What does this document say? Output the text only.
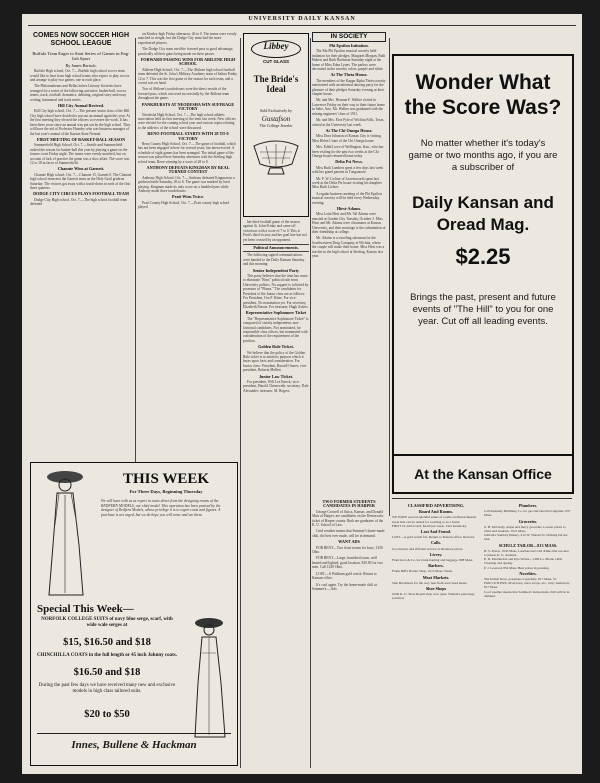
UNIVERSITY DAILY KANSAN
COMES NOW SOCCER HIGH SCHOOL LEAGUE
Buffalo Tram Eager to Start Series of Games in Eng-lish Sport
By James Bartsch.

Buffalo High school, Oct. 7.—Buffalo high school soccer team would like to hear from high school teams who expect to play soccer, and arrange to play two games, one at each place.

The Philomatheans and Bellas lettres Literary Societies have arranged for a series of the following activities: basket-ball, soccer, tennis, track, football, dramatics, debating, original story and essay writing, intramural and track meets.

Hill City Annual Revived.

Hill City high school, Oct. 7.—The present senior class of the Hill City high school have decided to put out an annual again this year. At the first meeting they elected the officers to oversee the work. It has been three years since an annual was put out by the high school. They will have the aid of Professor Hoardry who was business manager of the last year's annual of the Kansas State Normal.

FIRST MEETING OF BASKET-BALL SEASON

Summerfield High School, Oct. 7.—Seattle and Summerfield rushed the season for basket-ball this year by playing a game on the former court Friday night. The teams were evenly matched, but on account of lack of practice the game was a slow affair. The score was 12 to 18 in favor of Summerfield.

Chanute Wins at Garnett.

Chanute High school, Oct. 7.—Chanute 15, Garnett 0. The Chanute high school team met the Garnett team on the Holy Grail gridiron Saturday. The visitors got away with a touch-down in each of the first three quarters.

DODGE CITY CIRCUS PLAYS FOOTBALL TEAM

Dodge City High school, Oct. 7.—The high school football team defeated

on Kinsley high Friday afternoon, 26 to 0. The teams were evenly matched in weight, but the Dodge City team had the more experienced players.

The Dodge City team used the forward pass to good advantage, practically all their gains being made on these passes.

FORWARD PASSING WINS FOR ABILENE HIGH SCHOOL

Abilene High School, Oct. 7.—The Abilene high school football team defeated the St. John's Military Academy team of Salina Friday, 12 to 7. This was the first game of the season for each team, and a crowd was on hand.

Two of Abilene's touchdowns were the direct results of the forward pass, which was used successfully by the Abilene team throughout the game.

PANKHURSTS AT NEODESHA WIN SUFFRAGE VICTORY

Neodesha High School, Oct. 7.—The high school athletic association held its first meeting of the term last week. New officers were elected for the coming school year and various topics relating to the athletics of the school were discussed.

RENO FOOTBALL STARTS WITH 28 TO 0 VICTORY

Reno County High School, Oct. 7.—The game of football, which has not been engaged in here for several years, has been revived. A schedule of eight games has been arranged. The initial game of the season was played here Saturday afternoon with the Sterling high school team, Reno winning by a score of 28 to 0.

ANTHONY DEFEATS KINGMAN BY REAL TURNED CONTEST

Anthony High School, Oct. 7.—Anthony defeated Kingman in a gridiron battle Saturday, 26 to 6. The game was marked by hard playing. Kingman made its only score on a fumbled pass while Anthony made three touchdowns.

Pratt Wins Twice.

Pratt County High School, Oct. 7.—Pratt county high school played

Libbey
CUT GLASS
The Bride's Ideal
Sold Exclusively by
Gustafson
The College Jeweler

her third football game of the season against St. John Friday and came off victorious with a score of 7 to 0. This is Pratt's third victory and her goal line has not yet been crossed by an opponent.

Political Announcements.

The following signed communications were handed to the Daily Kansan Saturday and this morning:

Senior Independent Party

This party believes that the time has come to eliminate "Boss" political rule from University politics. No support is solicited by promises of "Plums." The candidates for President of the Junior class are as follows: For President, Ora F. Kline. For vice-president, No nomination yet. For secretary, Elizabeth Finson. For treasurer, Hugh Askew.

Representative Sophomore Ticket

The "Representative Sophomore Ticket" is composed of strictly independent, non-factional candidates. Not nominated, for responsible class offices, but nominated with consideration of the requirement of the position.

Golden Rule Ticket.

We believe that the policy of the Golden Rule ticket is to attain its purpose which it bases upon facts and consideration. For Junior class: President, Russell Osmer; vice-president, Roberta Mellett.

Junior Law Ticket.

For president, Will Lee Emick; vice-president, Harold Chenoweth; secretary, Dale Alexander; treasurer, M. Rogers.

IN SOCIETY
Phi Epsilon Initiation.

The Mu Phi Epsilon musical sorority held initiation for their pledges, Margaret Morgan, Ruth Hubert and Ruth Bachman Saturday night at the home of Miss Edna Lyons. The parlors were decorated in the sorority colors, purple and white.

At The Theta House.

The members of the Kappa Alpha Theta sorority entertained with an informal dancing party for the pleasure of their pledges Saturday evening at their chapter house.

Mr. and Mrs. Herman F. Walker visited in Lawrence Friday on their way to their future home in Sabo, Ariz. Mr. Walker was graduated with the mining engineers' class of 1911.

Mr. and Mrs. Elva Pyle of Wichita Falls, Texas, visited at the University last week.

At The Chi Omega House.

Miss Dora Johnson of Kansas City is visiting Miss Helen Crane of the Chi Omega house.

Mrs. Edith Lowe of Wellington, Kan., who has been visiting for the past two weeks at the Chi Omega house returned home today.

Delta Psi News.

Miss Ruth Lambert spent a few days last week with her grand parents in Tonganoxie.

Mr. F. W. Lichter of Leavenworth spent last week at the Delta Psi house visiting his daughter Miss Ruth Lichter.

A regular business meeting of the Phi Epsilon musical sorority will be held every Wednesday evening.

Hirst-Adams.

Miss Lotta Hirst and Mr. Val Adams were married at Garden City Tuesday, October 3. Miss Hirst and Mr. Adams were classmates at Kansas University, and their marriage is the culmination of their friendship at college.

Mr. Adams is a traveling salesman for the Southwestern Drug Company at Wichita, where the couple will make their home. Miss Hirst was a teacher in the high school at Sterling, Kansas last year.

Wonder What the Score Was?
No matter whether it's today's game or two months ago, if you are a subscriber of
Daily Kansan and Oread Mag.
$2.25
Brings the past, present and future events of "The Hill" to you for one year. Cut off all leading events.
At the Kansan Office
THIS WEEK
For Three Days, Beginning Thursday
We will have with us as expert in coats direct from the designing rooms of the REDFERN MODELS, our chief model. This operation has been praised by the designer of Redfern Models, whose privilege it is to regret coats and figures. A purchase is not urged, but we do hope you will come and see them.
Special This Week—
NORFOLK COLLEGE SUITS of navy blue serge, scarf, with wide wale serges at
$15, $16.50 and $18
CHINCHILLA COATS in the full length or 45 inch Johnny coats.
$16.50 and $18
During the past few days we have received many new and exclusive models in high class tailored suits.
$20 to $50
Innes, Bullene & Hackman
TWO FORMER STUDENTS CANDIDATES IN HARPER

George Crowell of Attica, Kansas, and Donald Muir of Harper, are candidates on the Democratic ticket of Harper county. Both are graduates of the K. U. School of Law.

Card weather means that Sommer's home-made chili, the best ever made, will be in demand.

WANT ADS

FOR RENT—Two front rooms for boys, 1330 Ohio.

FOR RENT—Large, furnished room, well heated and lighted, good location. $10.00 for two men. Call 1249 Ohio.

LOST—A Waltham gold watch. Return to Kansan office.

It's cool again. Try the home-made chili at Sommer's.—Adv.

CLASSIFIED ADVERTISING.
Board And Rooms.
WE HAVE several splendid suites of rooms on Massachusetts street that can be rented for rooming or as a home.
FIRST CLASS board, $4.00 per week. 1341 Kentucky.
Lost And Found.
LOST—A gold watch fob. Return to Kansan office. Reward.
Calls.
Good meals and efficient service at moderate prices.
Livery.
Franciscos & Co. for trunk hauling and baggage, 808 Mass.
Barbers.
Frank Biff's Barber Shop, 1015 Mass. Street.
Meat Markets.
Sam Bredehorn for the very best fresh and cured meats.
Shoe Shops
OUR K. U. Shoe Repair shop now open. Student's patronage solicited.
Plumbers.
Call Kennedy Plumbing Co. for gas and electrical supplies. 937 Mass.
Groceries.
S. H. McCurdy, staple and fancy groceries. Lowest prices to clubs and students. 1021 Mass.
Gilliam's Sanitary Bakery. 412 W. Warren St. Nothing but the best.
SCHULZ TAILOR—813 MASS.
H. S. Ponce, 1043 Mass. Lunches and cold drinks that are sure to please K. U. students.
E. D. Pendlerdon and Dye Works—1400 La. Phone 1469. Cleaning and dyeing.
P. J. Leonard, 834 Mass. Best prices in pressing.
Novelties.
The Indian Store, possesses a specialty, 817 Mass. St.
FOR CUTLERY, silverware, razor strops, etc., Jerry Anderson, 817 Mass.
Cool weather means that Sommer's home-made chili will be in demand.
